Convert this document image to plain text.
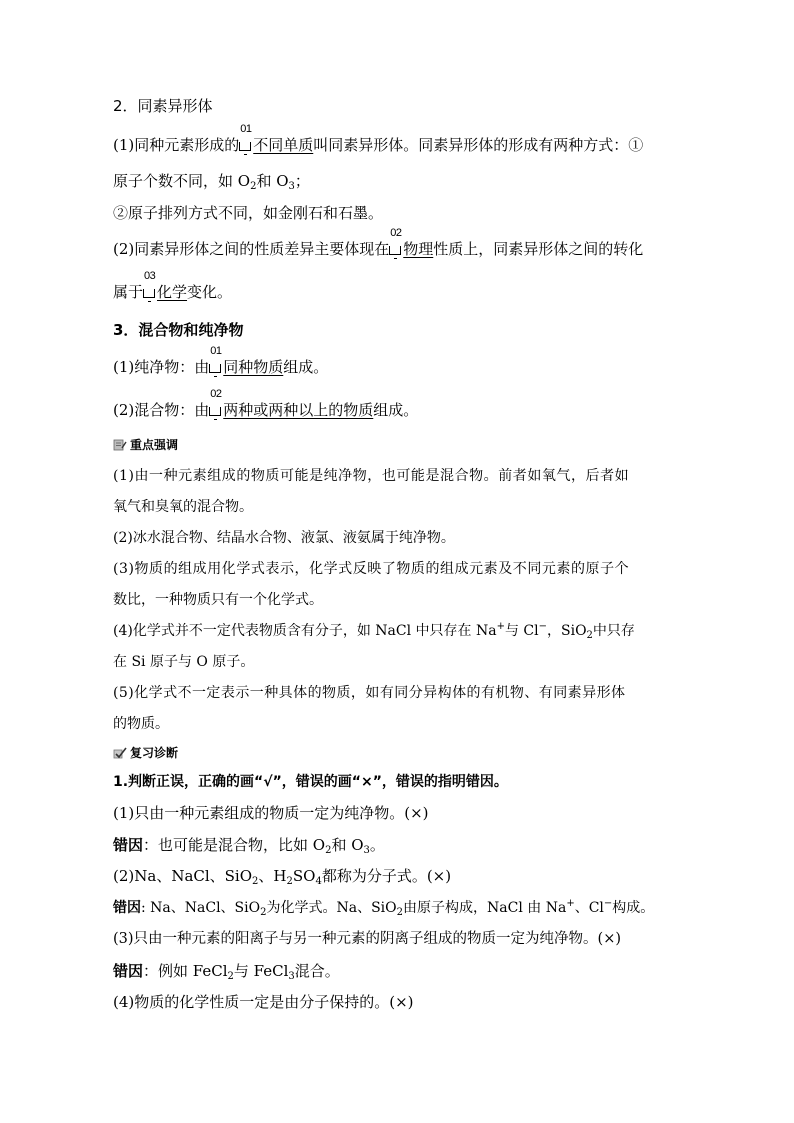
2．同素异形体
(1)同种元素形成的
01
不同单质叫同素异形体。同素异形体的形成有两种方式：①
原子个数不同，如 $O_2$和 $O_3$；
②原子排列方式不同，如金刚石和石墨。
(2)同素异形体之间的性质差异主要体现在
02
物理性质上，同素异形体之间的转化
属于
03
化学变化。
3．混合物和纯净物
(1)纯净物：由
01
同种物质组成。
(2)混合物：由
02
两种或两种以上的物质组成。
重点强调
(1)由一种元素组成的物质可能是纯净物，也可能是混合物。前者如氧气，后者如
氧气和臭氧的混合物。
(2)冰水混合物、结晶水合物、液氯、液氨属于纯净物。
(3)物质的组成用化学式表示，化学式反映了物质的组成元素及不同元素的原子个
数比，一种物质只有一个化学式。
(4)化学式并不一定代表物质含有分子，如 NaCl 中只存在 Na+与 Cl−，SiO$_2$中只存
在 Si 原子与 O 原子。
(5)化学式不一定表示一种具体的物质，如有同分异构体的有机物、有同素异形体
的物质。
复习诊断
1.判断正误，正确的画“√”，错误的画“×”，错误的指明错因。
(1)只由一种元素组成的物质一定为纯净物。(×)
错因：也可能是混合物，比如 $O_2$和 $O_3$。
(2)Na、NaCl、SiO$_2$、$H_2SO_4$都称为分子式。(×)
错因: Na、NaCl、SiO$_2$为化学式。Na、SiO$_2$由原子构成，NaCl 由 Na+、Cl−构成。
(3)只由一种元素的阳离子与另一种元素的阴离子组成的物质一定为纯净物。(×)
错因：例如 FeCl$_2$与 FeCl$_3$混合。
(4)物质的化学性质一定是由分子保持的。(×)
